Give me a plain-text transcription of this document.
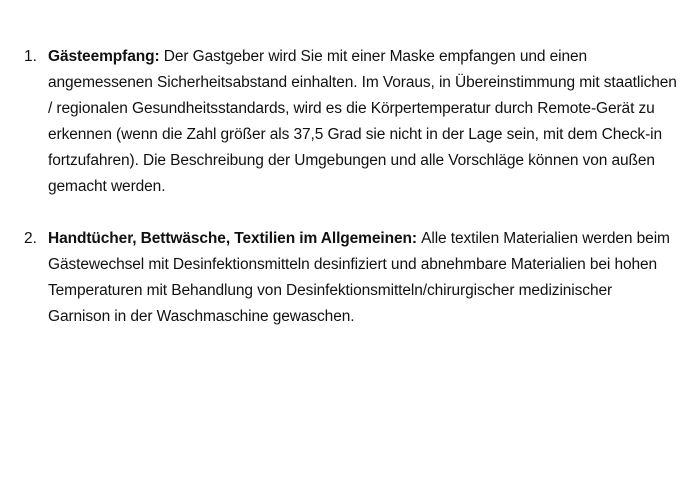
1. Gästeempfang: Der Gastgeber wird Sie mit einer Maske empfangen und einen angemessenen Sicherheitsabstand einhalten. Im Voraus, in Übereinstimmung mit staatlichen / regionalen Gesundheitsstandards, wird es die Körpertemperatur durch Remote-Gerät zu erkennen (wenn die Zahl größer als 37,5 Grad sie nicht in der Lage sein, mit dem Check-in fortzufahren). Die Beschreibung der Umgebungen und alle Vorschläge können von außen gemacht werden.
2. Handtücher, Bettwäsche, Textilien im Allgemeinen: Alle textilen Materialien werden beim Gästewechsel mit Desinfektionsmitteln desinfiziert und abnehmbare Materialien bei hohen Temperaturen mit Behandlung von Desinfektionsmitteln/chirurgischer medizinischer Garnison in der Waschmaschine gewaschen.
